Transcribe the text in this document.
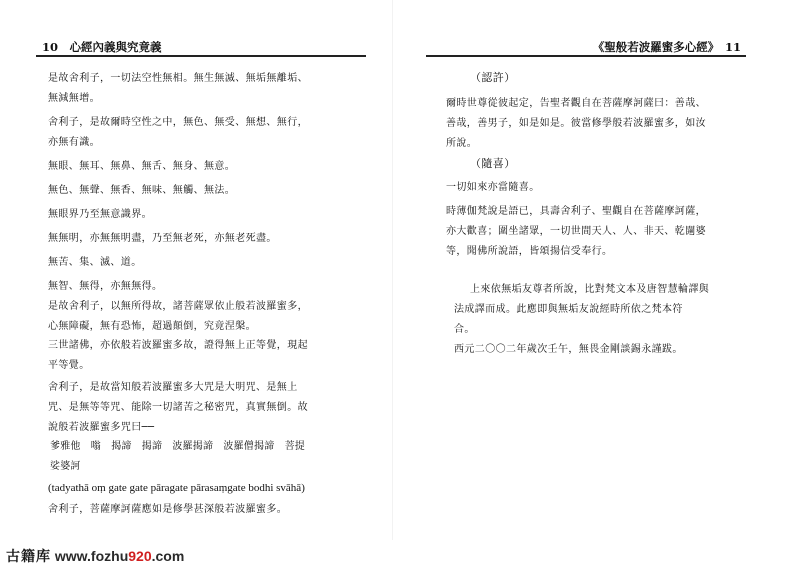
10　心經內義與究竟義
是故舍利子，一切法空性無相。無生無滅、無垢無離垢、
無減無增。
舍利子，是故爾時空性之中，無色、無受、無想、無行，
亦無有識。
無眼、無耳、無鼻、無舌、無身、無意。
無色、無聲、無香、無味、無觸、無法。
無眼界乃至無意識界。
無無明，亦無無明盡，乃至無老死，亦無老死盡。
無苦、集、滅、道。
無智、無得，亦無無得。
是故舍利子，以無所得故，諸菩薩眾依止般若波羅蜜多，
心無障礙，無有恐怖，超過顛倒，究竟涅槃。
三世諸佛，亦依般若波羅蜜多故，證得無上正等覺，現起
平等覺。
舍利子，是故當知般若波羅蜜多大咒是大明咒、是無上
咒、是無等等咒、能除一切諸苦之秘密咒，真實無倒。故
說般若波羅蜜多咒曰──
爹雅他　嗡　揭諦　揭諦　波羅揭諦　波羅僧揭諦　菩提
娑婆訶
(tadyathā oṃ gate gate pāragate pārasaṃgate bodhi svāhā)
舍利子，菩薩摩訶薩應如是修學甚深般若波羅蜜多。
《聖般若波羅蜜多心經》　11
（認許）
爾時世尊從彼起定，告聖者觀自在菩薩摩訶薩曰：善哉、
善哉，善男子，如是如是。彼當修學般若波羅蜜多，如汝
所說。
（隨喜）
一切如來亦當隨喜。
時薄伽梵說是語已，具壽舍利子、聖觀自在菩薩摩訶薩，
亦大歡喜；圍坐諸眾，一切世間天人、人、非天、乾闥婆
等，聞佛所說語，皆頌揚信受奉行。
上來依無垢友尊者所說，比對梵文本及唐智慧輪譯與
法成譯而成。此應即與無垢友說經時所依之梵本符
合。
西元二〇〇二年歲次壬午，無畏金剛談錫永謹跋。
古籍库 www.fozhu920.com
